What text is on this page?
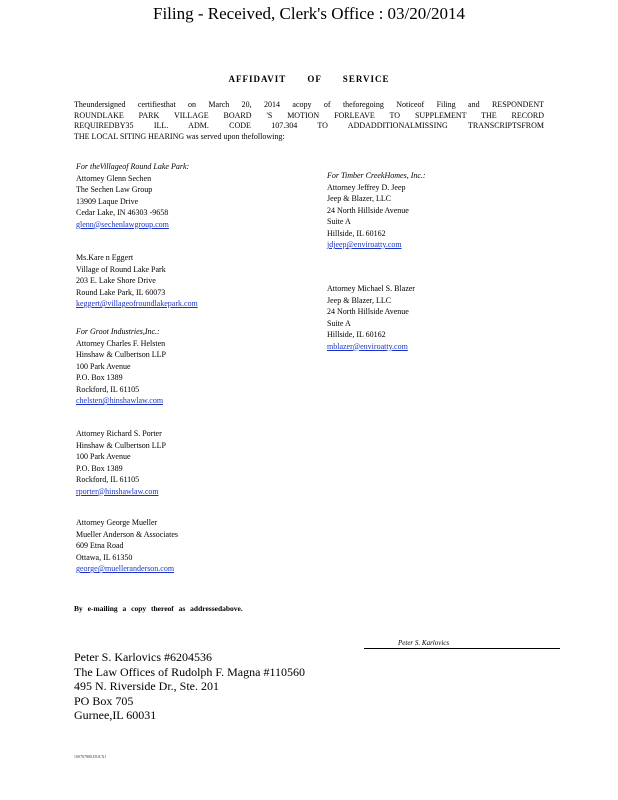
Filing - Received, Clerk's Office : 03/20/2014
AFFIDAVIT OF SERVICE
Theundersigned certifiesthat on March 20, 2014 acopy of theforegoing Noticeof Filing and RESPONDENT
ROUNDLAKE PARK VILLAGE BOARD 'S MOTION FORLEAVE TO SUPPLEMENT THE RECORD
REQUIREDBY35 ILL. ADM. CODE 107.304 TO ADDADDITIONALMISSING TRANSCRIPTSFROM
THE LOCAL SITING HEARING was served upon thefollowing:
For theVillageof Round Lake Park:
Attorney Glenn Sechen
The Sechen Law Group
13909 Laque Drive
Cedar Lake, IN 46303 -9658
glenn@sechenlawgroup.com
Ms.Kare n Eggert
Village of Round Lake Park
203 E. Lake Shore Drive
Round Lake Park, IL 60073
keggert@villageofroundlakepark.com
For Groot Industries,Inc.:
Attorney Charles F. Helsten
Hinshaw & Culbertson LLP
100 Park Avenue
P.O. Box 1389
Rockford, IL 61105
chelsten@hinshawlaw.com
Attorney Richard S. Porter
Hinshaw & Culbertson LLP
100 Park Avenue
P.O. Box 1389
Rockford, IL 61105
rporter@hinshawlaw.com
Attorney George Mueller
Mueller Anderson & Associates
609 Etna Road
Ottawa, IL 61350
george@muelleranderson.com
For Timber CreekHomes, Inc.:
Attorney Jeffrey D. Jeep
Jeep & Blazer, LLC
24 North Hillside Avenue
Suite A
Hillside, IL 60162
jdjeep@enviroatty.com
Attorney Michael S. Blazer
Jeep & Blazer, LLC
24 North Hillside Avenue
Suite A
Hillside, IL 60162
mblazer@enviroatty.com
By e-mailing a copy thereof as addressedabove.
Peter S. Karlovics
Peter S. Karlovics #6204536
The Law Offices of Rudolph F. Magna #110560
495 N. Riverside Dr., Ste. 201
PO Box 705
Gurnee,IL 60031
{S0767800.DOCX}
